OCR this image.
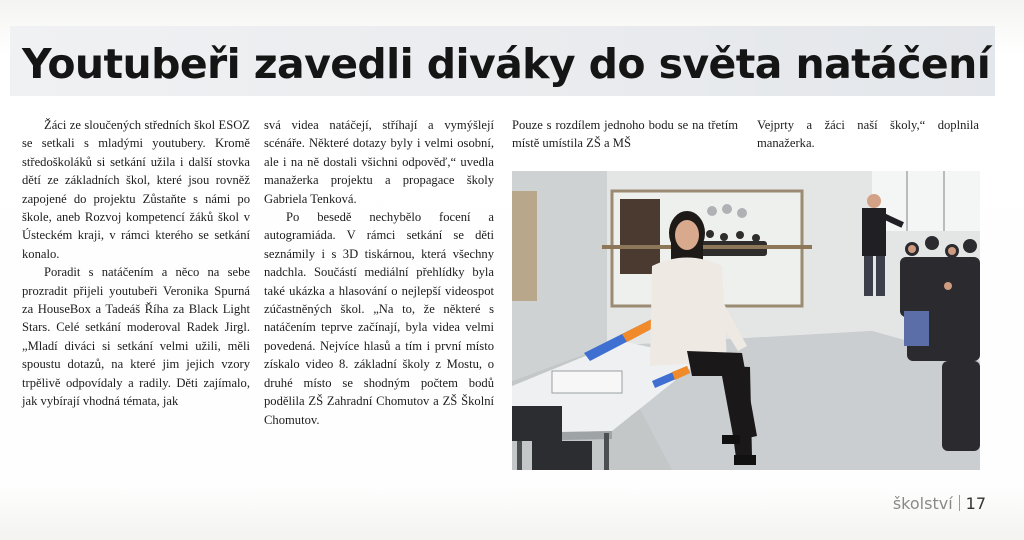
Youtubeři zavedli diváky do světa natáčení

Žáci ze sloučených středních škol ESOZ se setkali s mladými youtubery. Kromě středoškoláků si setkání užila i další stovka dětí ze základních škol, které jsou rovněž zapojené do projektu Zůstaňte s námi po škole, aneb Rozvoj kompetencí žáků škol v Ústeckém kraji, v rámci kterého se setkání konalo.

Poradit s natáčením a něco na sebe prozradit přijeli youtubeři Veronika Spurná za HouseBox a Tadeáš Říha za Black Light Stars. Celé setkání moderoval Radek Jirgl. „Mladí diváci si setkání velmi užili, měli spoustu dotazů, na které jim jejich vzory trpělivě odpovídaly a radily. Děti zajímalo, jak vybírají vhodná témata, jak

svá videa natáčejí, stříhají a vymýšlejí scénáře. Některé dotazy byly i velmi osobní, ale i na ně dostali všichni odpověď,“ uvedla manažerka projektu a propagace školy Gabriela Tenková.

Po besedě nechybělo focení a autogramiáda. V rámci setkání se děti seznámily i s 3D tiskárnou, která všechny nadchla. Součástí mediální přehlídky byla také ukázka a hlasování o nejlepší videospot zúčastněných škol. „Na to, že některé s natáčením teprve začínají, byla videa velmi povedená. Nejvíce hlasů a tím i první místo získalo video 8. základní školy z Mostu, o druhé místo se shodným počtem bodů podělila ZŠ Zahradní Chomutov a ZŠ Školní Chomutov.

Pouze s rozdílem jednoho bodu se na třetím místě umístila ZŠ a MŠ

Vejprty a žáci naší školy,“ doplnila manažerka.

školství 17
